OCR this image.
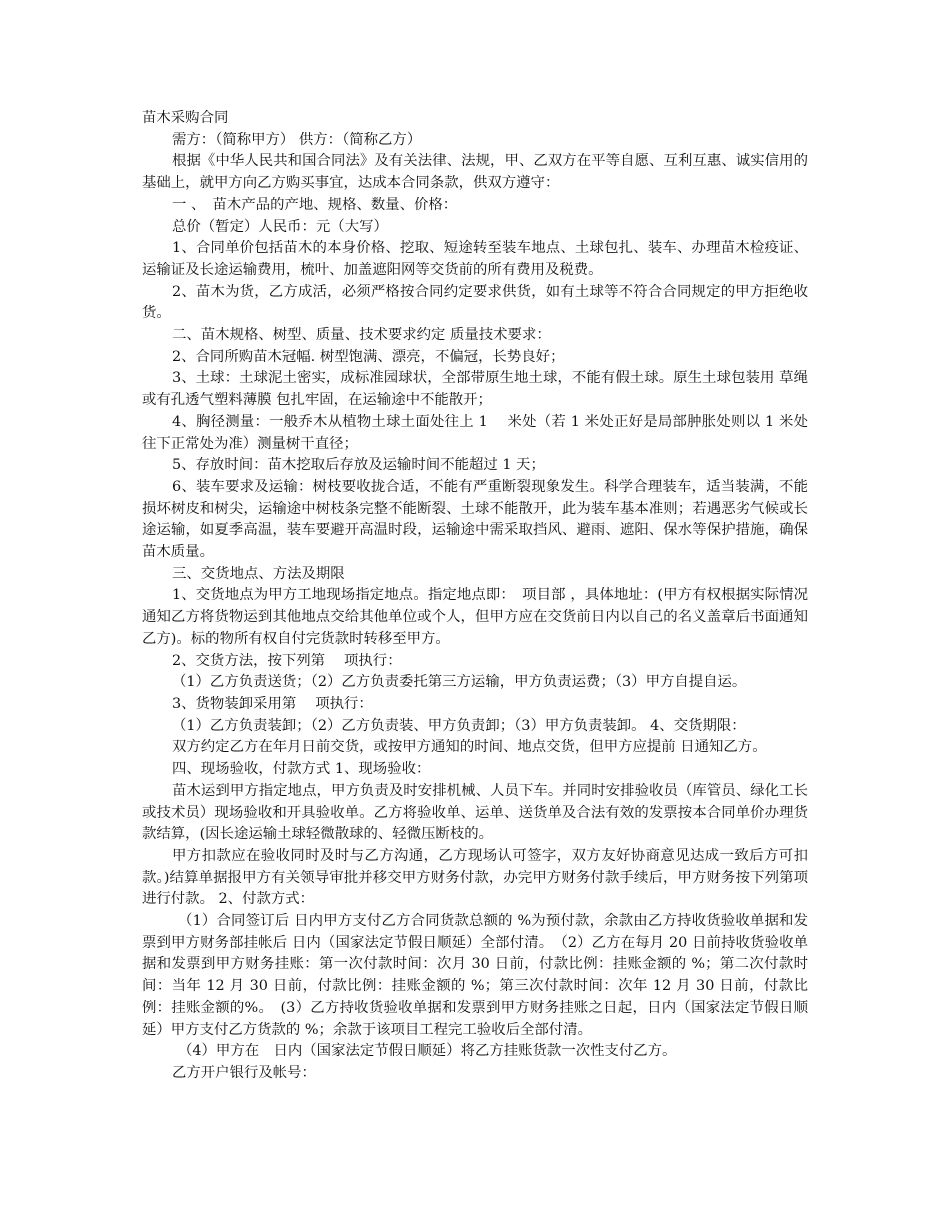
苗木采购合同

需方：（简称甲方） 供方：（简称乙方）

根据《中华人民共和国合同法》及有关法律、法规，甲、乙双方在平等自愿、互利互惠、诚实信用的基础上，就甲方向乙方购买事宜，达成本合同条款，供双方遵守：

一 、　苗木产品的产地、规格、数量、价格：

总价（暂定）人民币：元（大写）

1、合同单价包括苗木的本身价格、挖取、短途转至装车地点、土球包扎、装车、办理苗木检疫证、运输证及长途运输费用，梳叶、加盖遮阳网等交货前的所有费用及税费。

2、苗木为货，乙方成活，必须严格按合同约定要求供货，如有土球等不符合合同规定的甲方拒绝收货。

二、苗木规格、树型、质量、技术要求约定 质量技术要求：

2、合同所购苗木冠幅. 树型饱满、漂亮，不偏冠，长势良好；

3、土球：土球泥土密实，成标准园球状，全部带原生地土球，不能有假土球。原生土球包装用 草绳或有孔透气塑料薄膜 包扎牢固，在运输途中不能散开；

4、胸径测量：一般乔木从植物土球土面处往上 1　 米处（若 1 米处正好是局部肿胀处则以 1 米处往下正常处为准）测量树干直径；

5、存放时间：苗木挖取后存放及运输时间不能超过 1 天；

6、装车要求及运输：树枝要收拢合适，不能有严重断裂现象发生。科学合理装车，适当装满，不能损坏树皮和树尖，运输途中树枝条完整不能断裂、土球不能散开，此为装车基本准则；若遇恶劣气候或长途运输，如夏季高温，装车要避开高温时段，运输途中需采取挡风、避雨、遮阳、保水等保护措施，确保苗木质量。

三、交货地点、方法及期限

1、交货地点为甲方工地现场指定地点。指定地点即：　项目部 ，具体地址：(甲方有权根据实际情况通知乙方将货物运到其他地点交给其他单位或个人，但甲方应在交货前日内以自己的名义盖章后书面通知乙方)。标的物所有权自付完货款时转移至甲方。

2、交货方法，按下列第　 项执行：

（1）乙方负责送货；（2）乙方负责委托第三方运输，甲方负责运费；（3）甲方自提自运。

3、货物装卸采用第　 项执行：

（1）乙方负责装卸；（2）乙方负责装、甲方负责卸；（3）甲方负责装卸。 4、交货期限：

双方约定乙方在年月日前交货，或按甲方通知的时间、地点交货，但甲方应提前 日通知乙方。

四、现场验收，付款方式 1、现场验收：

苗木运到甲方指定地点，甲方负责及时安排机械、人员下车。并同时安排验收员（库管员、绿化工长或技术员）现场验收和开具验收单。乙方将验收单、运单、送货单及合法有效的发票按本合同单价办理货款结算，(因长途运输土球轻微散球的、轻微压断枝的。

甲方扣款应在验收同时及时与乙方沟通，乙方现场认可签字，双方友好协商意见达成一致后方可扣款。)结算单据报甲方有关领导审批并移交甲方财务付款，办完甲方财务付款手续后，甲方财务按下列第项进行付款。 2、付款方式：

（1）合同签订后 日内甲方支付乙方合同货款总额的 %为预付款，余款由乙方持收货验收单据和发票到甲方财务部挂帐后 日内（国家法定节假日顺延）全部付清。　（2）乙方在每月 20 日前持收货验收单据和发票到甲方财务挂账：第一次付款时间：次月 30 日前，付款比例：挂账金额的 %；第二次付款时间：当年 12 月 30 日前，付款比例：挂账金额的 %；第三次付款时间：次年 12 月 30 日前，付款比例：挂账金额的%。　(3）乙方持收货验收单据和发票到甲方财务挂账之日起，日内（国家法定节假日顺延）甲方支付乙方货款的 %；余款于该项目工程完工验收后全部付清。

（4）甲方在　日内（国家法定节假日顺延）将乙方挂账货款一次性支付乙方。

乙方开户银行及帐号：
